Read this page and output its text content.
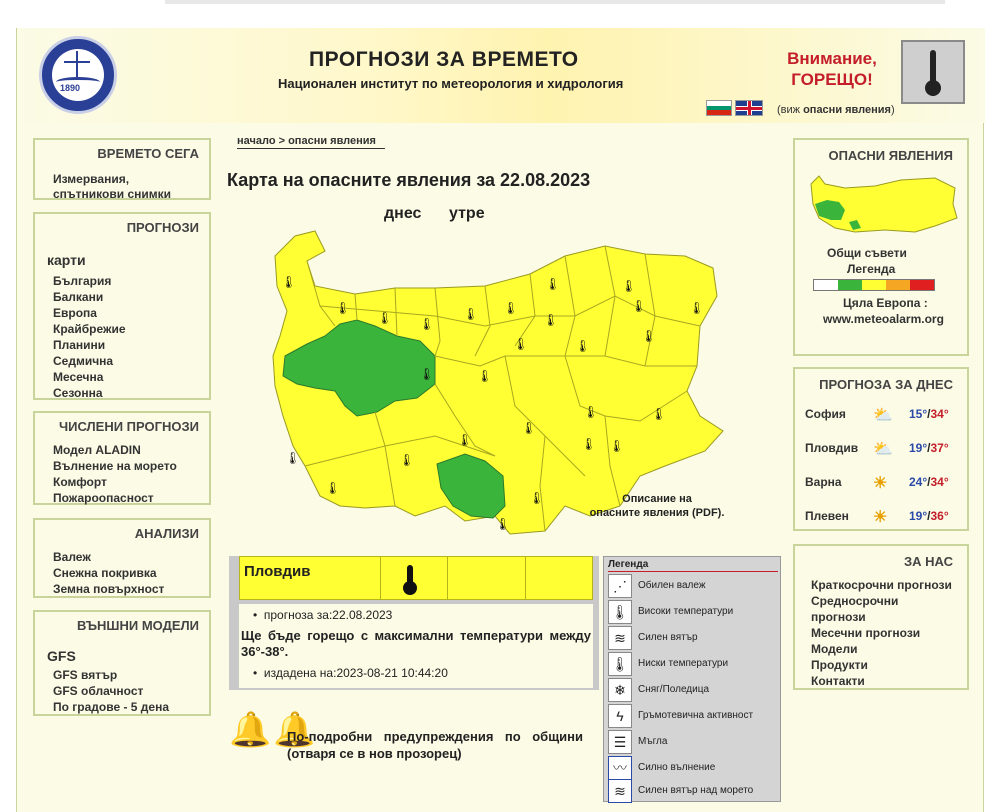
1890
ПРОГНОЗИ ЗА ВРЕМЕТО
Национален институт по метеорология и хидрология
Внимание,
ГОРЕЩО!
(виж опасни явления)
ВРЕМЕТО СЕГА
Измервания,
спътникови снимки
ПРОГНОЗИ
карти
България
Балкани
Европа
Крайбрежие
Планини
Седмична
Месечна
Сезонна
ЧИСЛЕНИ ПРОГНОЗИ
Модел ALADIN
Вълнение на морето
Комфорт
Пожароопасност
АНАЛИЗИ
Валеж
Снежна покривка
Земна повърхност
ВЪНШНИ МОДЕЛИ
GFS
GFS вятър
GFS облачност
По градове - 5 дена
начало > опасни явления
Карта на опасните явления за 22.08.2023
днес утре
🌡
🌡
🌡 🌡
🌡 🌡
🌡
🌡	🌡
🌡	🌡
🌡
🌡
🌡
🌡
🌡
🌡
🌡	🌡
🌡 🌡
🌡
🌡
🌡
🌡
🌡
🌡
Описание на
опасните явления (PDF).
Пловдив
•  прогноза за:22.08.2023
Ще бъде горещо с максимални температури между 36°-38°.
•  издадена на:2023-08-21 10:44:20
Легенда
⋰	Обилен валеж
🌡 Високи температури
≋	Силен вятър
🌡 Ниски температури
❄	Сняг/Поледица
ϟ	Гръмотевична активност
☰	Мъгла
〰	Силно вълнение
≋	Силен вятър над морето
🔔 🔔
По-подробни предупреждения по общини (отваря се в нов прозорец)
ОПАСНИ ЯВЛЕНИЯ
Общи съвети
Легенда
Цяла Европа :
www.meteoalarm.org
ПРОГНОЗА ЗА ДНЕС
София ⛅ 15°/34°
Пловдив ⛅ 19°/37°
Варна ☀ 24°/34°
Плевен ☀ 19°/36°
ЗА НАС
Краткосрочни прогнози
Средносрочни
прогнози
Месечни прогнози
Модели
Продукти
Контакти
